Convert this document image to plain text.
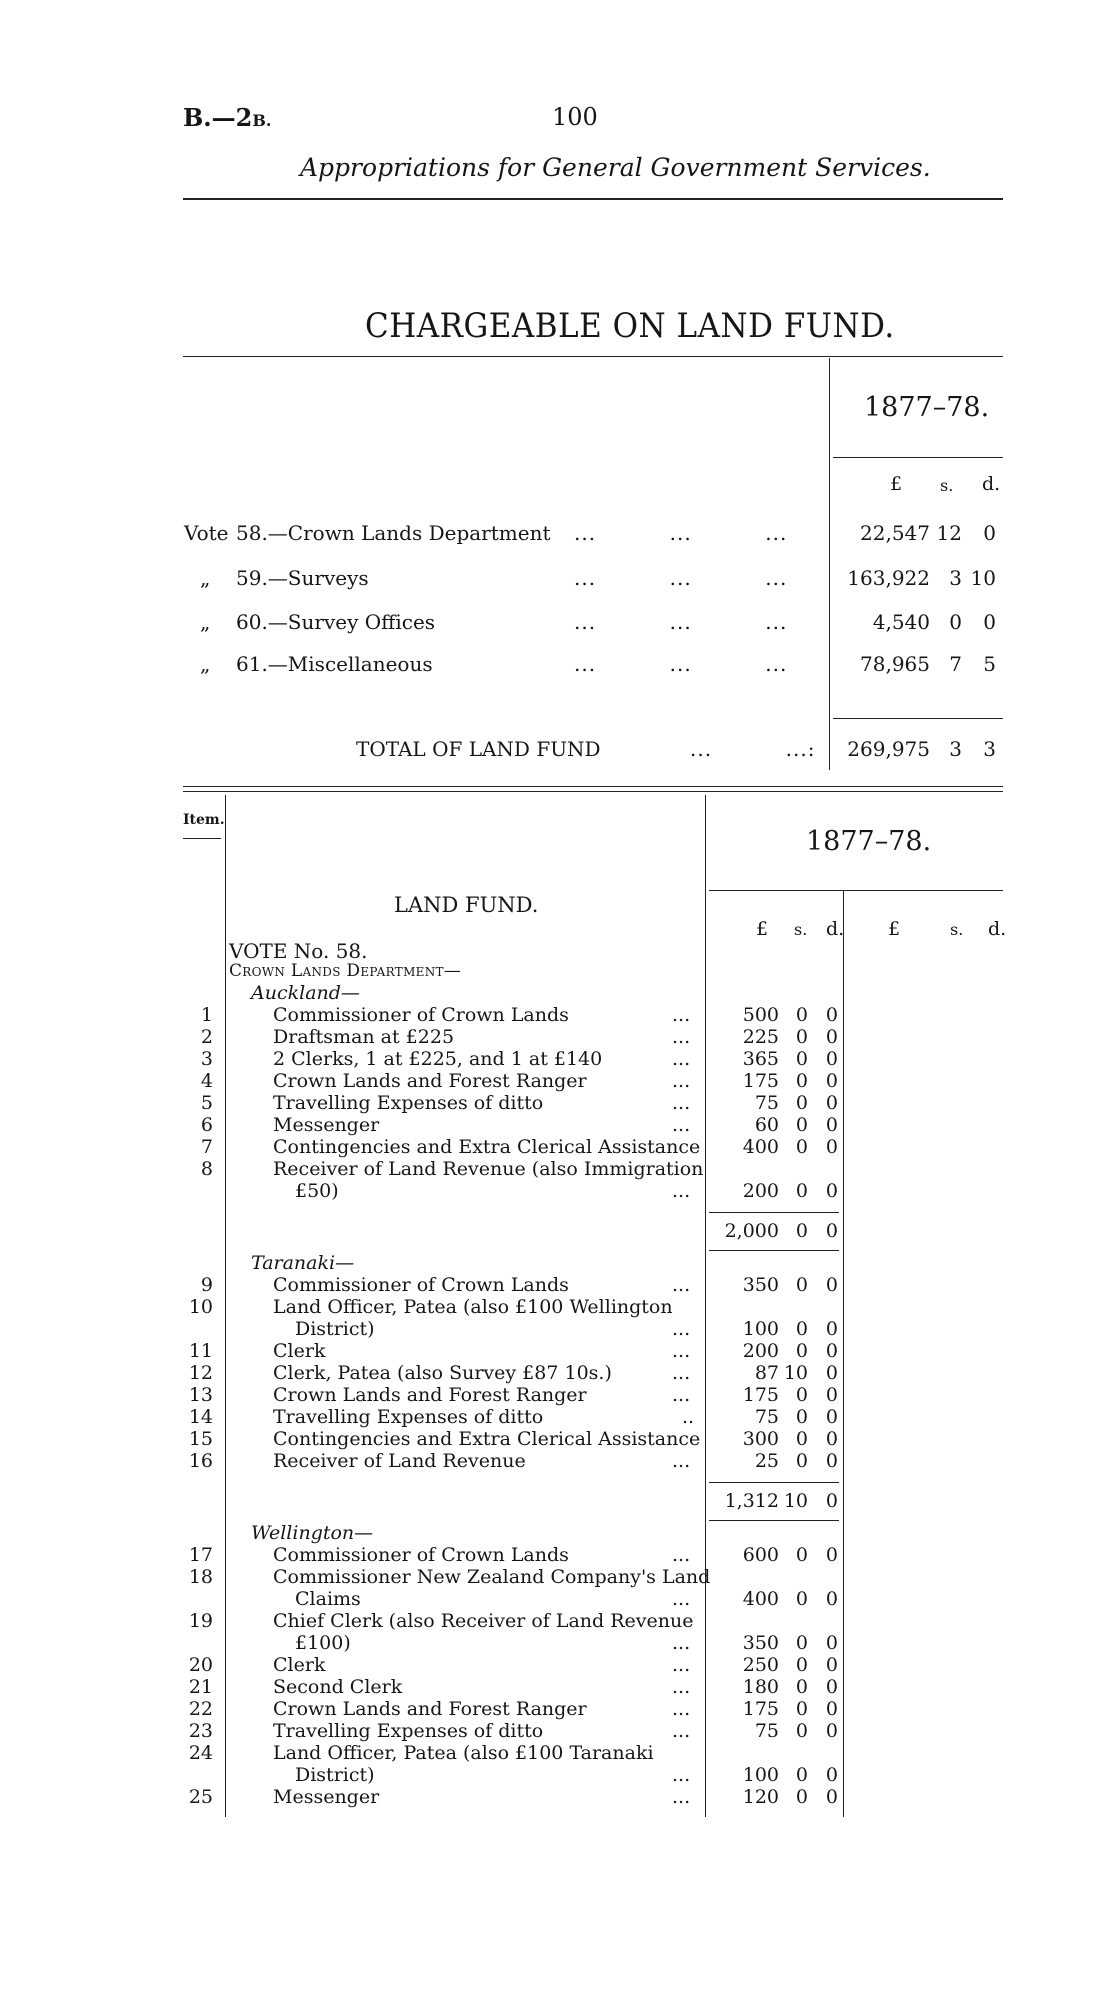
B.—2B.	100
Appropriations for General Government Services.
CHARGEABLE ON LAND FUND.
1877–78.
£ s. d.
Vote 58.—Crown Lands Department ...          ...          ...	22,547 12	0
„ 59.—Surveys	...          ...          ...	163,922 3 10
„ 60.—Survey Offices	...          ...          ...	4,540 0	0
„ 61.—Miscellaneous	...          ...          ...	78,965 7	5
TOTAL OF LAND FUND	...          ...:	269,975 3	3
Item.
1877–78.
£ s. d. £	s. d.
LAND FUND.
VOTE No. 58.
Crown Lands Department—
Auckland—
1	Commissioner of Crown Lands	...	500 0 0
2	Draftsman at £225	...	225 0 0
3	2 Clerks, 1 at £225, and 1 at £140	...	365 0 0
4	Crown Lands and Forest Ranger	...	175 0 0
5	Travelling Expenses of ditto	...	75 0 0
6	Messenger	...	60 0 0
7	Contingencies and Extra Clerical Assistance	400 0 0
8	Receiver of Land Revenue (also Immigration
£50)	...	200 0 0
2,000 0 0
Taranaki—
9	Commissioner of Crown Lands	...	350 0 0
10	Land Officer, Patea (also £100 Wellington
District)	...	100 0 0
11	Clerk	...	200 0 0
12	Clerk, Patea (also Survey £87 10s.)	...	87 10 0
13	Crown Lands and Forest Ranger	...	175 0 0
14	Travelling Expenses of ditto	..	75 0 0
15	Contingencies and Extra Clerical Assistance	300 0 0
16	Receiver of Land Revenue	...	25 0 0
1,312 10 0
Wellington—
17	Commissioner of Crown Lands	...	600 0 0
18	Commissioner New Zealand Company's Land
Claims	...	400 0 0
19	Chief Clerk (also Receiver of Land Revenue
£100)	...	350 0 0
20	Clerk	...	250 0 0
21	Second Clerk	...	180 0 0
22	Crown Lands and Forest Ranger	...	175 0 0
23	Travelling Expenses of ditto	...	75 0 0
24	Land Officer, Patea (also £100 Taranaki
District)	...	100 0 0
25	Messenger	...	120 0 0
